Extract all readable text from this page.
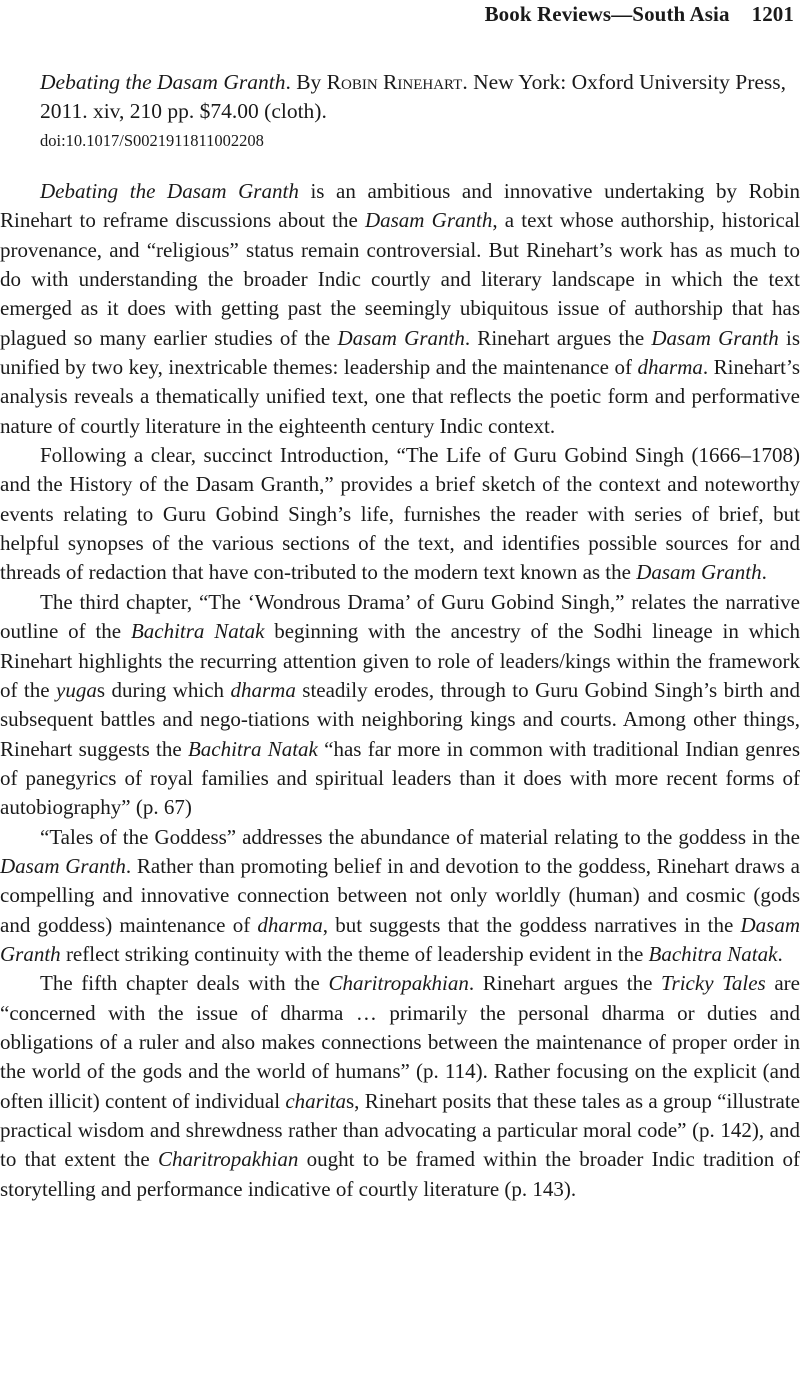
Book Reviews—South Asia 1201
Debating the Dasam Granth. By Robin Rinehart. New York: Oxford University Press, 2011. xiv, 210 pp. $74.00 (cloth).
doi:10.1017/S0021911811002208

Debating the Dasam Granth is an ambitious and innovative undertaking by Robin Rinehart to reframe discussions about the Dasam Granth, a text whose authorship, historical provenance, and “religious” status remain controversial. But Rinehart’s work has as much to do with understanding the broader Indic courtly and literary landscape in which the text emerged as it does with getting past the seemingly ubiquitous issue of authorship that has plagued so many earlier studies of the Dasam Granth. Rinehart argues the Dasam Granth is unified by two key, inextricable themes: leadership and the maintenance of dharma. Rinehart’s analysis reveals a thematically unified text, one that reflects the poetic form and performative nature of courtly literature in the eighteenth century Indic context.

Following a clear, succinct Introduction, “The Life of Guru Gobind Singh (1666–1708) and the History of the Dasam Granth,” provides a brief sketch of the context and noteworthy events relating to Guru Gobind Singh’s life, furnishes the reader with series of brief, but helpful synopses of the various sections of the text, and identifies possible sources for and threads of redaction that have con-tributed to the modern text known as the Dasam Granth.

The third chapter, “The ‘Wondrous Drama’ of Guru Gobind Singh,” relates the narrative outline of the Bachitra Natak beginning with the ancestry of the Sodhi lineage in which Rinehart highlights the recurring attention given to role of leaders/kings within the framework of the yugas during which dharma steadily erodes, through to Guru Gobind Singh’s birth and subsequent battles and nego-tiations with neighboring kings and courts. Among other things, Rinehart suggests the Bachitra Natak “has far more in common with traditional Indian genres of panegyrics of royal families and spiritual leaders than it does with more recent forms of autobiography” (p. 67)

“Tales of the Goddess” addresses the abundance of material relating to the goddess in the Dasam Granth. Rather than promoting belief in and devotion to the goddess, Rinehart draws a compelling and innovative connection between not only worldly (human) and cosmic (gods and goddess) maintenance of dharma, but suggests that the goddess narratives in the Dasam Granth reflect striking continuity with the theme of leadership evident in the Bachitra Natak.

The fifth chapter deals with the Charitropakhian. Rinehart argues the Tricky Tales are “concerned with the issue of dharma … primarily the personal dharma or duties and obligations of a ruler and also makes connections between the maintenance of proper order in the world of the gods and the world of humans” (p. 114). Rather focusing on the explicit (and often illicit) content of individual charitas, Rinehart posits that these tales as a group “illustrate practical wisdom and shrewdness rather than advocating a particular moral code” (p. 142), and to that extent the Charitropakhian ought to be framed within the broader Indic tradition of storytelling and performance indicative of courtly literature (p. 143).
